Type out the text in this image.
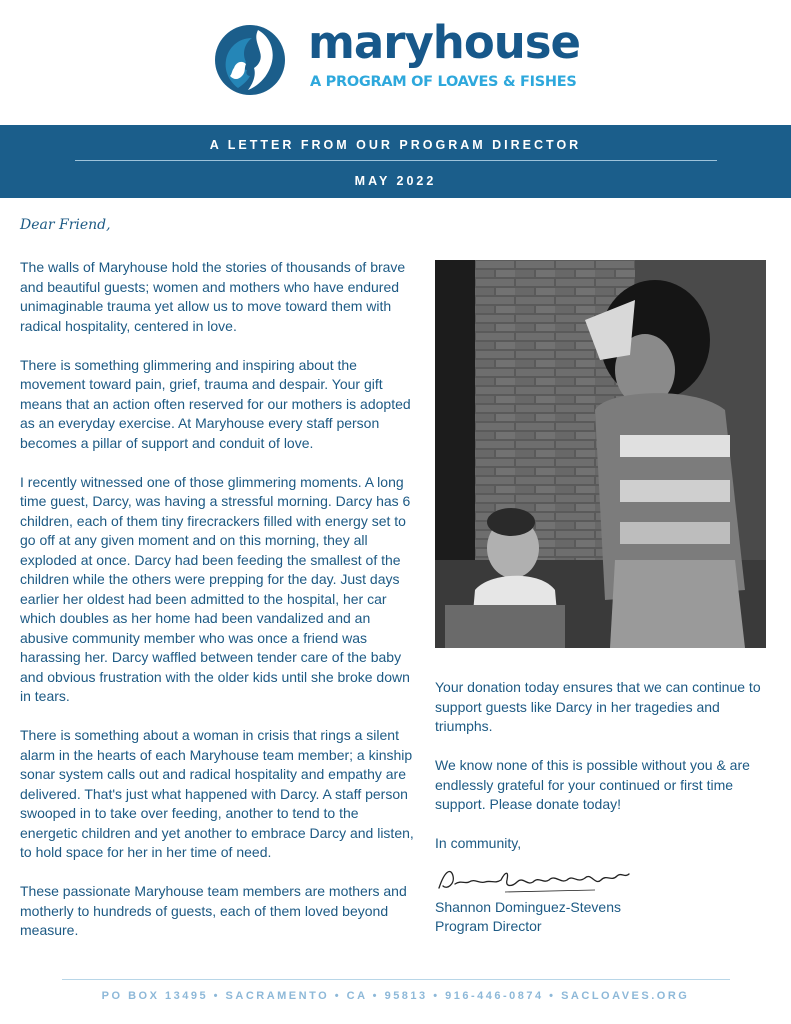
maryhouse
A PROGRAM OF LOAVES & FISHES
A LETTER FROM OUR PROGRAM DIRECTOR
MAY 2022
Dear Friend,

The walls of Maryhouse hold the stories of thousands of brave and beautiful guests; women and mothers who have endured unimaginable trauma yet allow us to move toward them with radical hospitality, centered in love.

There is something glimmering and inspiring about the movement toward pain, grief, trauma and despair. Your gift means that an action often reserved for our mothers is adopted as an everyday exercise. At Maryhouse every staff person becomes a pillar of support and conduit of love.

I recently witnessed one of those glimmering moments. A long time guest, Darcy, was having a stressful morning. Darcy has 6 children, each of them tiny firecrackers filled with energy set to go off at any given moment and on this morning, they all exploded at once. Darcy had been feeding the smallest of the children while the others were prepping for the day. Just days earlier her oldest had been admitted to the hospital, her car which doubles as her home had been vandalized and an abusive community member who was once a friend was harassing her. Darcy waffled between tender care of the baby and obvious frustration with the older kids until she broke down in tears.

There is something about a woman in crisis that rings a silent alarm in the hearts of each Maryhouse team member; a kinship sonar system calls out and radical hospitality and empathy are delivered. That's just what happened with Darcy. A staff person swooped in to take over feeding, another to tend to the energetic children and yet another to embrace Darcy and listen, to hold space for her in her time of need.

These passionate Maryhouse team members are mothers and motherly to hundreds of guests, each of them loved beyond measure.

Your donation today ensures that we can continue to support guests like Darcy in her tragedies and triumphs.

We know none of this is possible without you & are endlessly grateful for your continued or first time support. Please donate today!

In community,

Shannon Dominguez-Stevens

Program Director

PO BOX 13495 • SACRAMENTO • CA • 95813 • 916-446-0874 • SACLOAVES.ORG
